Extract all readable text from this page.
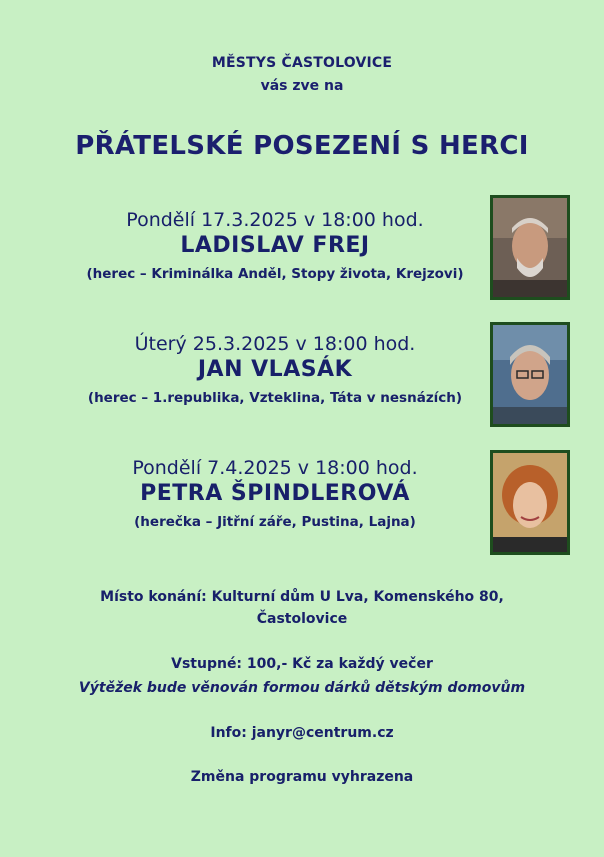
MĚSTYS ČASTOLOVICE
vás zve na
PŘÁTELSKÉ POSEZENÍ S HERCI
Pondělí 17.3.2025 v 18:00 hod.
LADISLAV FREJ
(herec – Kriminálka Anděl, Stopy života, Krejzovi)
Úterý 25.3.2025 v 18:00 hod.
JAN VLASÁK
(herec – 1.republika, Vzteklina, Táta v nesnázích)
Pondělí 7.4.2025 v 18:00 hod.
PETRA ŠPINDLEROVÁ
(herečka – Jitřní záře, Pustina, Lajna)
Místo konání: Kulturní dům U Lva, Komenského 80,
Častolovice
Vstupné: 100,- Kč za každý večer
Výtěžek bude věnován formou dárků dětským domovům
Info: janyr@centrum.cz
Změna programu vyhrazena
